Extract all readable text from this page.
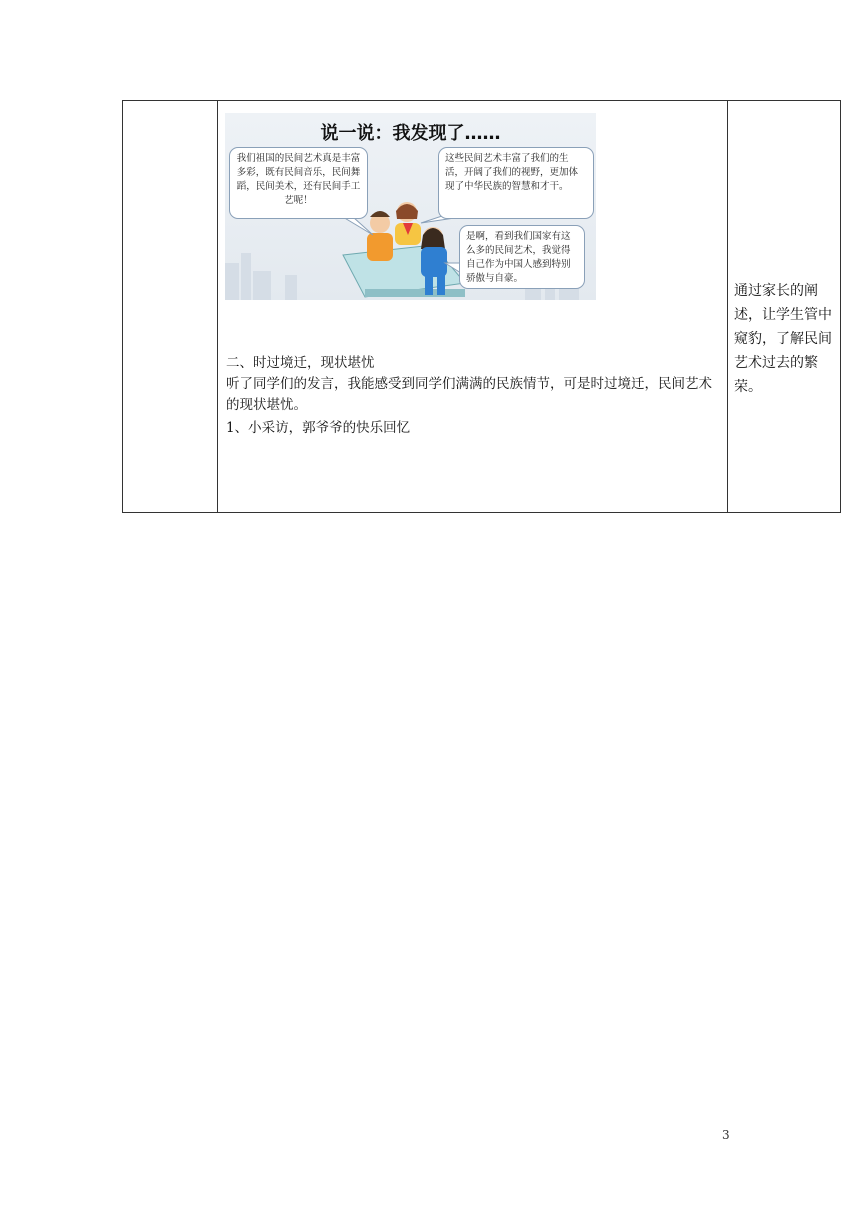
说一说：我发现了……
我们祖国的民间艺术真是丰富多彩，既有民间音乐，民间舞蹈，民间美术，还有民间手工艺呢！
这些民间艺术丰富了我们的生活，开阔了我们的视野，更加体现了中华民族的智慧和才干。
是啊，看到我们国家有这么多的民间艺术，我觉得自己作为中国人感到特别骄傲与自豪。
二、时过境迁，现状堪忧
听了同学们的发言，我能感受到同学们满满的民族情节，可是时过境迁，民间艺术的现状堪忧。
1、小采访，郭爷爷的快乐回忆
通过家长的阐述，让学生管中窥豹，了解民间艺术过去的繁荣。
3
